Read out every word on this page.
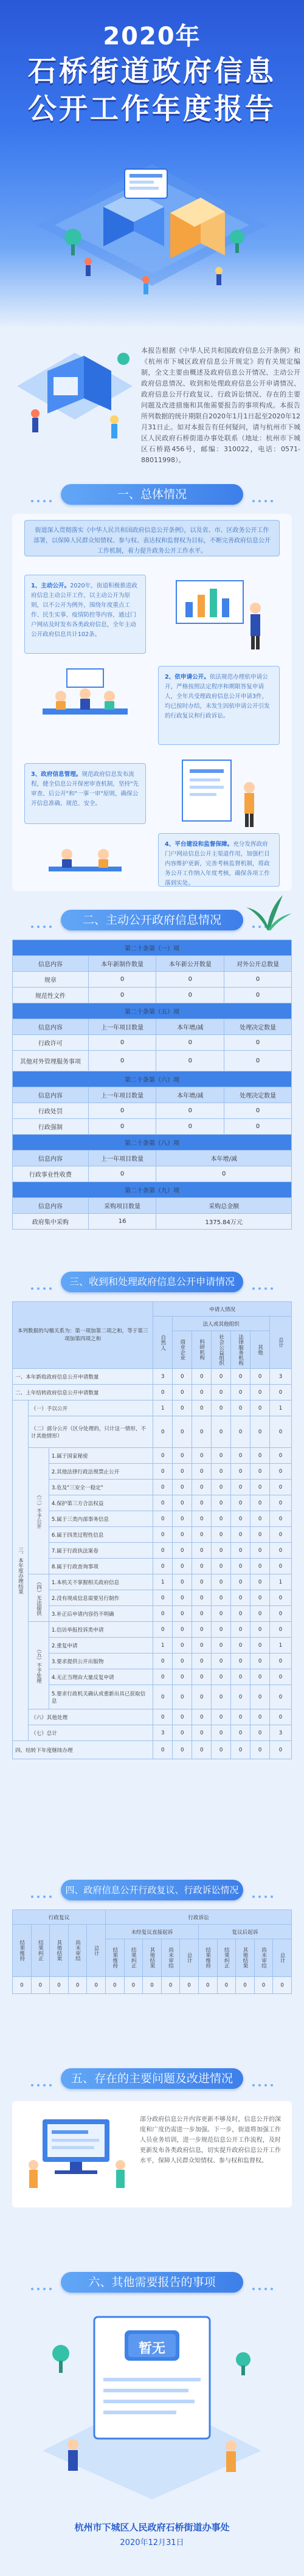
2020年
石桥街道政府信息
公开工作年度报告
本报告根据《中华人民共和国政府信息公开条例》和《杭州市下城区政府信息公开规定》的有关规定编制，全文主要由概述及政府信息公开情况、主动公开政府信息情况、收到和处理政府信息公开申请情况、政府信息公开行政复议、行政诉讼情况、存在的主要问题及改进措施和其他需要报告的事项构成。本报告所列数据的统计期限自2020年1月1日起至2020年12月31日止。如对本报告有任何疑问，请与杭州市下城区人民政府石桥街道办事处联系（地址：杭州市下城区石桥路456号，邮编：310022，电话：0571-88011998）。
一、总体情况
街道深入贯彻落实《中华人民共和国政府信息公开条例》，以及省、市、区政务公开工作部署，以保障人民群众知情权、参与权、表达权和监督权为目标，不断完善政府信息公开工作机制，着力提升政务公开工作水平。
1、主动公开。2020年，街道积极推进政府信息主动公开工作，以主动公开为原则，以不公开为例外，围绕年度重点工作、民生实事、疫情防控等内容，通过门户网站及时发布各类政府信息，全年主动公开政府信息共计102条。
2、依申请公开。依法规范办理依申请公开，严格按照法定程序和期限答复申请人，全年共受理政府信息公开申请3件，均已按时办结，未发生因依申请公开引发的行政复议和行政诉讼。
3、政府信息管理。规范政府信息发布流程，健全信息公开保密审查机制，坚持"先审查、后公开"和"一事一审"原则，确保公开信息准确、规范、安全。
4、平台建设和监督保障。充分发挥政府门户网站信息公开主渠道作用，加强栏目内容维护更新，完善考核监督机制，将政务公开工作纳入年度考核，确保各项工作落到实处。
二、主动公开政府信息情况
第二十条第（一）项			
信息内容	本年新制作数量	本年新公开数量	对外公开总数量
规章	0	0	0
规范性文件	0	0	0
第二十条第（五）项			
信息内容	上一年项目数量	本年增/减	处理决定数量
行政许可	0	0	0
其他对外管理服务事项	0	0	0
第二十条第（六）项			
信息内容	上一年项目数量	本年增/减	处理决定数量
行政处罚	0	0	0
行政强制	0	0	0
第二十条第（八）项			
信息内容	上一年项目数量	本年增/减	
行政事业性收费	0	0	
第二十条第（九）项			
信息内容	采购项目数量	采购总金额	
政府集中采购	16	1375.84万元	
三、收到和处理政府信息公开申请情况
本列数据的勾稽关系为：第一项加第二项之和，等于第三项加第四项之和			申请人情况						
			自然人	法人或其他组织					总计
				商业企业	科研机构	社会公益组织	法律服务机构	其他	
一、本年新收政府信息公开申请数量			3	0	0	0	0	0	3
二、上年结转政府信息公开申请数量			0	0	0	0	0	0	0
三、本年度办理结果	（一）予以公开		1	0	0	0	0	0	1
	（二）部分公开（区分处理的，只计这一情形，不计其他情形）		0	0	0	0	0	0	0
	（三）不予公开	1.属于国家秘密	0	0	0	0	0	0	0
		2.其他法律行政法规禁止公开	0	0	0	0	0	0	0
		3.危及"三安全一稳定"	0	0	0	0	0	0	0
		4.保护第三方合法权益	0	0	0	0	0	0	0
		5.属于三类内部事务信息	0	0	0	0	0	0	0
		6.属于四类过程性信息	0	0	0	0	0	0	0
		7.属于行政执法案卷	0	0	0	0	0	0	0
		8.属于行政查询事项	0	0	0	0	0	0	0
	（四）无法提供	1.本机关不掌握相关政府信息	1	0	0	0	0	0	1
		2.没有现成信息需要另行制作	0	0	0	0	0	0	0
		3.补正后申请内容仍不明确	0	0	0	0	0	0	0
	（五）不予处理	1.信访举报投诉类申请	0	0	0	0	0	0	0
		2.重复申请	1	0	0	0	0	0	1
		3.要求提供公开出版物	0	0	0	0	0	0	0
		4.无正当理由大量反复申请	0	0	0	0	0	0	0
		5.要求行政机关确认或重新出具已获取信息	0	0	0	0	0	0	0
	（六）其他处理		0	0	0	0	0	0	0
	（七）总计		3	0	0	0	0	0	3
四、结转下年度继续办理			0	0	0	0	0	0	0
四、政府信息公开行政复议、行政诉讼情况
行政复议					行政诉讼									
结果维持	结果纠正	其他结果	尚未审结	总计	未经复议直接起诉					复议后起诉				
					结果维持	结果纠正	其他结果	尚未审结	总计	结果维持	结果纠正	其他结果	尚未审结	总计
0	0	0	0	0	0	0	0	0	0	0	0	0	0	0
五、存在的主要问题及改进情况
部分政府信息公开内容更新不够及时，信息公开的深度和广度仍需进一步加强。下一步，街道将加强工作人员业务培训，进一步规范信息公开工作流程，及时更新发布各类政府信息，切实提升政府信息公开工作水平，保障人民群众知情权、参与权和监督权。
六、其他需要报告的事项
暂无
杭州市下城区人民政府石桥街道办事处
2020年12月31日
